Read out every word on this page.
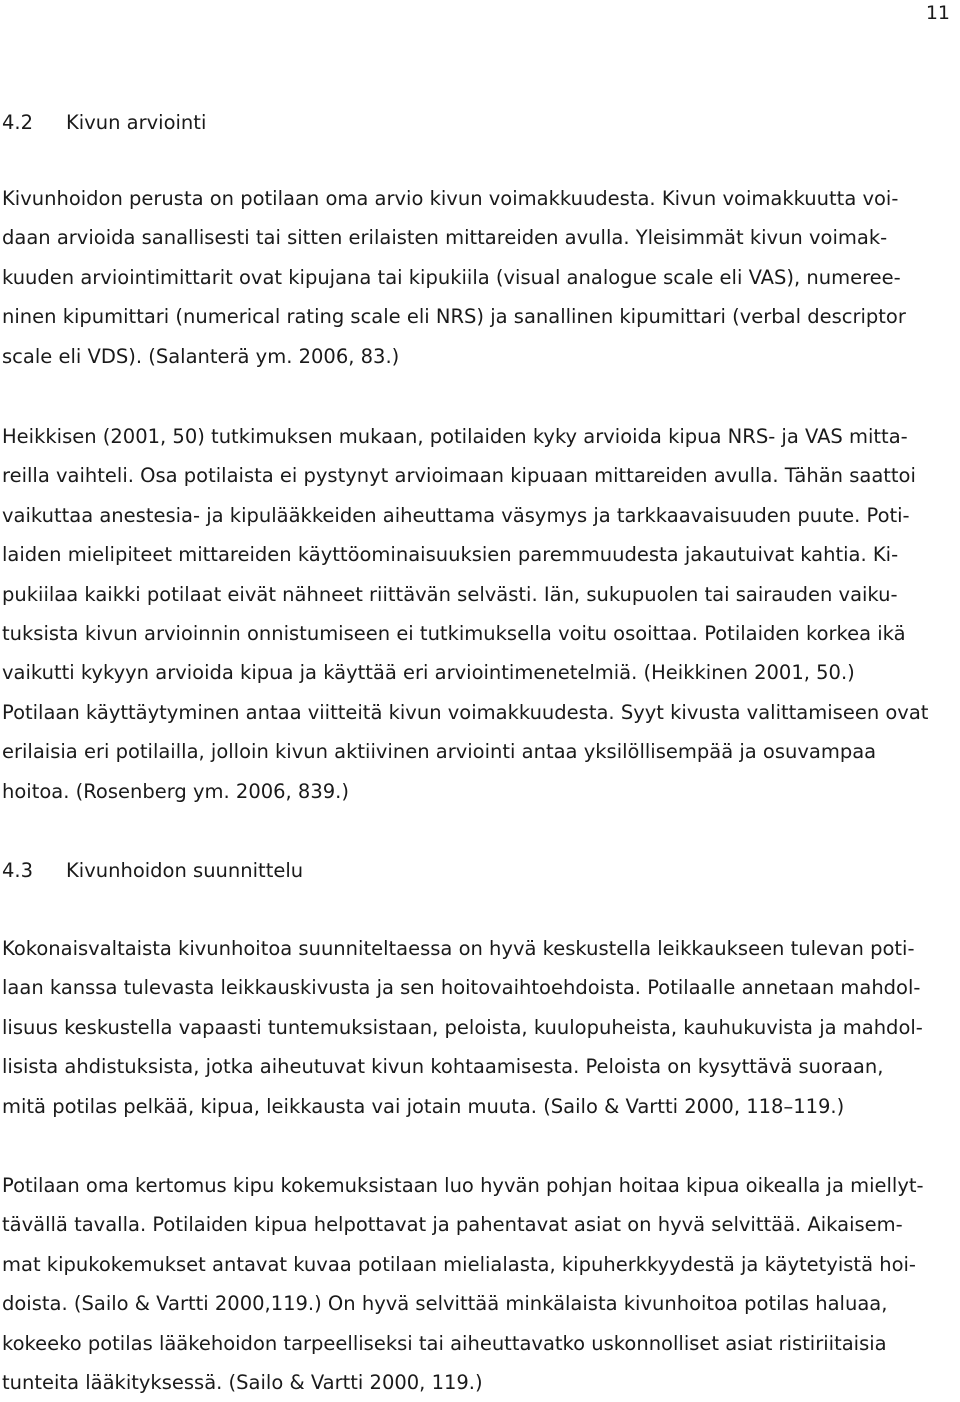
11
4.2 Kivun arviointi
Kivunhoidon perusta on potilaan oma arvio kivun voimakkuudesta. Kivun voimakkuutta voi-
daan arvioida sanallisesti tai sitten erilaisten mittareiden avulla. Yleisimmät kivun voimak-
kuuden arviointimittarit ovat kipujana tai kipukiila (visual analogue scale eli VAS), numeree-
ninen kipumittari (numerical rating scale eli NRS) ja sanallinen kipumittari (verbal descriptor
scale eli VDS). (Salanterä ym. 2006, 83.)
Heikkisen (2001, 50) tutkimuksen mukaan, potilaiden kyky arvioida kipua NRS- ja VAS mitta-
reilla vaihteli. Osa potilaista ei pystynyt arvioimaan kipuaan mittareiden avulla. Tähän saattoi
vaikuttaa anestesia- ja kipulääkkeiden aiheuttama väsymys ja tarkkaavaisuuden puute. Poti-
laiden mielipiteet mittareiden käyttöominaisuuksien paremmuudesta jakautuivat kahtia. Ki-
pukiilaa kaikki potilaat eivät nähneet riittävän selvästi. Iän, sukupuolen tai sairauden vaiku-
tuksista kivun arvioinnin onnistumiseen ei tutkimuksella voitu osoittaa. Potilaiden korkea ikä
vaikutti kykyyn arvioida kipua ja käyttää eri arviointimenetelmiä. (Heikkinen 2001, 50.)
Potilaan käyttäytyminen antaa viitteitä kivun voimakkuudesta. Syyt kivusta valittamiseen ovat
erilaisia eri potilailla, jolloin kivun aktiivinen arviointi antaa yksilöllisempää ja osuvampaa
hoitoa. (Rosenberg ym. 2006, 839.)
4.3 Kivunhoidon suunnittelu
Kokonaisvaltaista kivunhoitoa suunniteltaessa on hyvä keskustella leikkaukseen tulevan poti-
laan kanssa tulevasta leikkauskivusta ja sen hoitovaihtoehdoista. Potilaalle annetaan mahdol-
lisuus keskustella vapaasti tuntemuksistaan, peloista, kuulopuheista, kauhukuvista ja mahdol-
lisista ahdistuksista, jotka aiheutuvat kivun kohtaamisesta. Peloista on kysyttävä suoraan,
mitä potilas pelkää, kipua, leikkausta vai jotain muuta. (Sailo & Vartti 2000, 118–119.)
Potilaan oma kertomus kipu kokemuksistaan luo hyvän pohjan hoitaa kipua oikealla ja miellyt-
tävällä tavalla. Potilaiden kipua helpottavat ja pahentavat asiat on hyvä selvittää. Aikaisem-
mat kipukokemukset antavat kuvaa potilaan mielialasta, kipuherkkyydestä ja käytetyistä hoi-
doista. (Sailo & Vartti 2000,119.) On hyvä selvittää minkälaista kivunhoitoa potilas haluaa,
kokeeko potilas lääkehoidon tarpeelliseksi tai aiheuttavatko uskonnolliset asiat ristiriitaisia
tunteita lääkityksessä. (Sailo & Vartti 2000, 119.)
